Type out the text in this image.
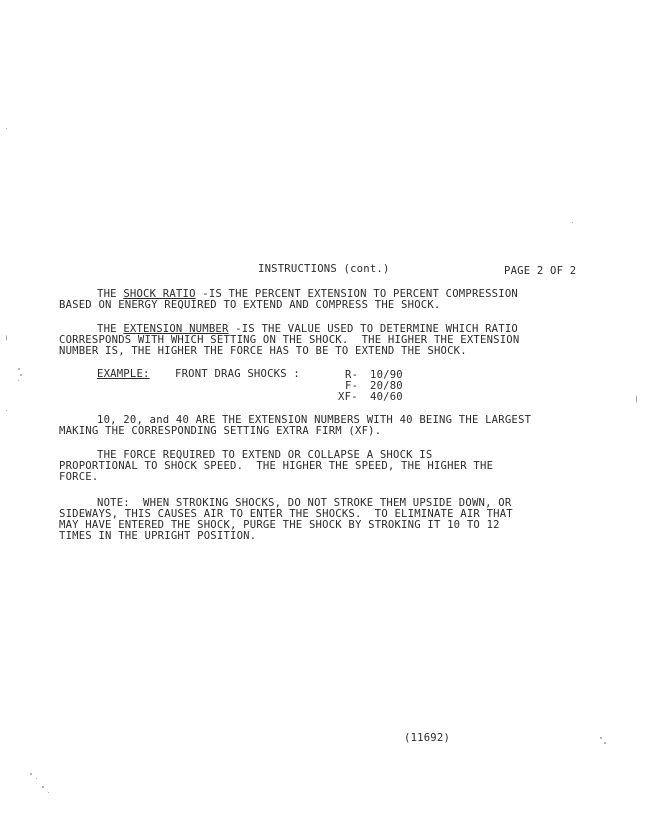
INSTRUCTIONS (cont.)	PAGE 2 OF 2
THE SHOCK RATIO -IS THE PERCENT EXTENSION TO PERCENT COMPRESSION
BASED ON ENERGY REQUIRED TO EXTEND AND COMPRESS THE SHOCK.
THE EXTENSION NUMBER -IS THE VALUE USED TO DETERMINE WHICH RATIO
CORRESPONDS WITH WHICH SETTING ON THE SHOCK.  THE HIGHER THE EXTENSION
NUMBER IS, THE HIGHER THE FORCE HAS TO BE TO EXTEND THE SHOCK.
EXAMPLE: FRONT DRAG SHOCKS :	R- 10/90
F- 20/80
XF- 40/60
10, 20, and 40 ARE THE EXTENSION NUMBERS WITH 40 BEING THE LARGEST
MAKING THE CORRESPONDING SETTING EXTRA FIRM (XF).
THE FORCE REQUIRED TO EXTEND OR COLLAPSE A SHOCK IS
PROPORTIONAL TO SHOCK SPEED.  THE HIGHER THE SPEED, THE HIGHER THE
FORCE.
NOTE:  WHEN STROKING SHOCKS, DO NOT STROKE THEM UPSIDE DOWN, OR
SIDEWAYS, THIS CAUSES AIR TO ENTER THE SHOCKS.  TO ELIMINATE AIR THAT
MAY HAVE ENTERED THE SHOCK, PURGE THE SHOCK BY STROKING IT 10 TO 12
TIMES IN THE UPRIGHT POSITION.
(11692)
